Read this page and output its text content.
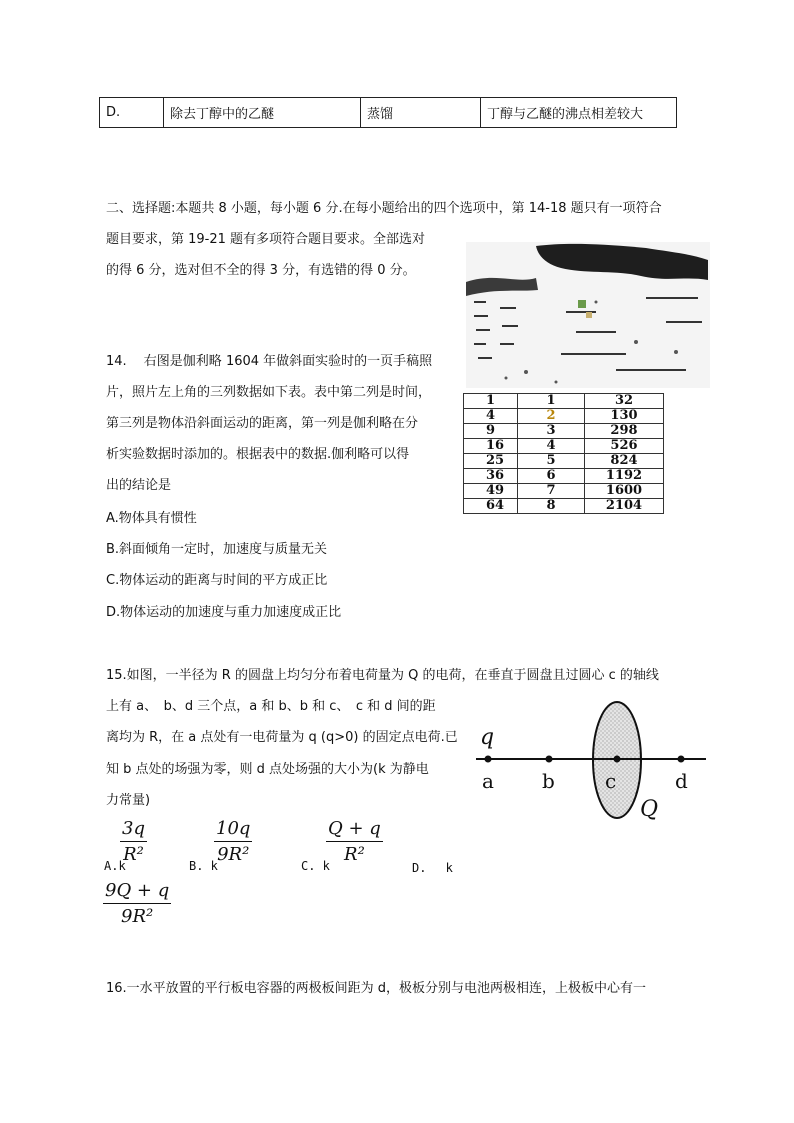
D.	除去丁醇中的乙醚	蒸馏	丁醇与乙醚的沸点相差较大
二、选择题:本题共 8 小题，每小题 6 分.在每小题给出的四个选项中，第 14-18 题只有一项符合
题目要求，第 19-21 题有多项符合题目要求。全部选对
的得 6 分，选对但不全的得 3 分，有选错的得 0 分。
14.　 右图是伽利略 1604 年做斜面实验时的一页手稿照
片，照片左上角的三列数据如下表。表中第二列是时间，
第三列是物体沿斜面运动的距离，第一列是伽利略在分
析实验数据时添加的。根据表中的数据.伽利略可以得
出的结论是
A.物体具有惯性
B.斜面倾角一定时，加速度与质量无关
C.物体运动的距离与时间的平方成正比
D.物体运动的加速度与重力加速度成正比
1	1	32
4	2	130
9	3	298
16	4	526
25	5	824
36	6	1192
49	7	1600
64	8	2104
15.如图，一半径为 R 的圆盘上均匀分布着电荷量为 Q 的电荷，在垂直于圆盘且过圆心 c 的轴线
上有 a、　b、d 三个点，a 和 b、b 和 c、　c 和 d 间的距
离均为 R，在 a 点处有一电荷量为 q (q>0) 的固定点电荷.已
知 b 点处的场强为零，则 d 点处场强的大小为(k 为静电
力常量)
q
a b	c	d
Q
A.k
$\frac{3q}{\text{R²}}$
B. k
$\frac{10q}{\text{9R²}}$
C. k
$\frac{Q + q}{\text{R²}}$
D.　 k
$\frac{9Q + q}{\text{9R²}}$
16.一水平放置的平行板电容器的两极板间距为 d，极板分别与电池两极相连，上极板中心有一
